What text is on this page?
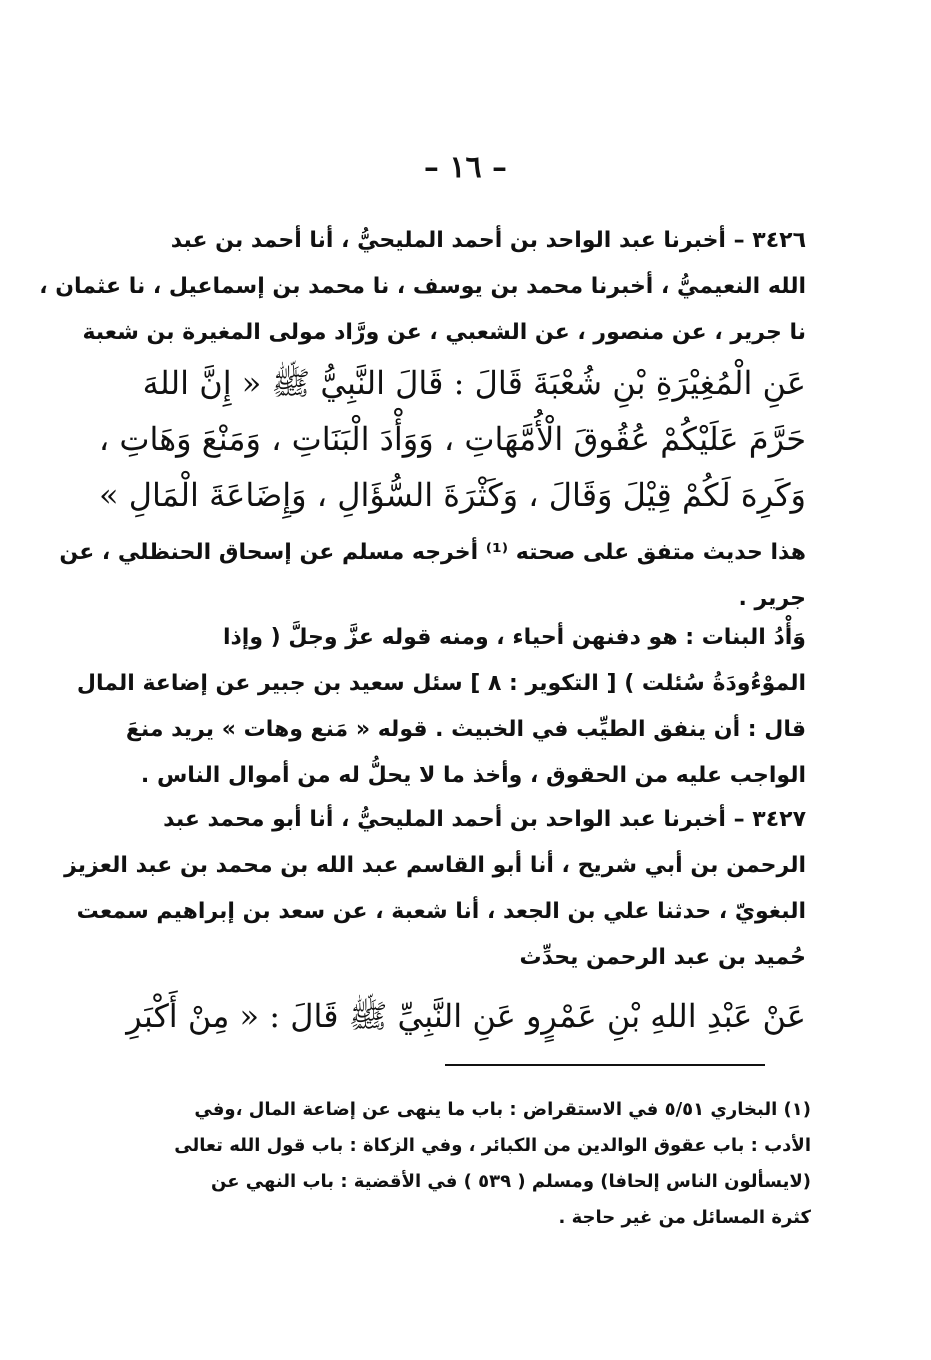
– ١٦ –
٣٤٢٦ – أخبرنا عبد الواحد بن أحمد المليحيُّ ، أنا أحمد بن عبد
الله النعيميُّ ، أخبرنا محمد بن يوسف ، نا محمد بن إسماعيل ، نا عثمان ،
نا جرير ، عن منصور ، عن الشعبي ، عن ورَّاد مولى المغيرة بن شعبة
عَنِ الْمُغِيْرَةِ بْنِ شُعْبَةَ قَالَ : قَالَ النَّبِيُّ ﷺ « إِنَّ اللهَ
حَرَّمَ عَلَيْكُمْ عُقُوقَ الْأُمَّهَاتِ ، وَوَأْدَ الْبَنَاتِ ، وَمَنْعَ وَهَاتِ ،
وَكَرِهَ لَكُمْ قِيْلَ وَقَالَ ، وَكَثْرَةَ السُّؤَالِ ، وَإِضَاعَةَ الْمَالِ »
هذا حديث متفق على صحته ⁽¹⁾ أخرجه مسلم عن إسحاق الحنظلي ، عن
جرير .
وَأْدُ البنات : هو دفنهن أحياء ، ومنه قوله عزَّ وجلَّ ( وإذا
الموْءُودَةُ سُئلت ) [ التكوير : ٨ ] سئل سعيد بن جبير عن إضاعة المال
قال : أن ينفق الطيِّب في الخبيث . قوله « مَنع وهات » يريد منعَ
الواجب عليه من الحقوق ، وأخذ ما لا يحلُّ له من أموال الناس .
٣٤٢٧ – أخبرنا عبد الواحد بن أحمد المليحيُّ ، أنا أبو محمد عبد
الرحمن بن أبي شريح ، أنا أبو القاسم عبد الله بن محمد بن عبد العزيز
البغويّ ، حدثنا علي بن الجعد ، أنا شعبة ، عن سعد بن إبراهيم سمعت
حُميد بن عبد الرحمن يحدِّث
عَنْ عَبْدِ اللهِ بْنِ عَمْرٍو عَنِ النَّبِيِّ ﷺ قَالَ : « مِنْ أَكْبَرِ
(١) البخاري ٥/٥١ في الاستقراض : باب ما ينهى عن إضاعة المال ،وفي
الأدب : باب عقوق الوالدين من الكبائر ، وفي الزكاة : باب قول الله تعالى
(لايسألون الناس إلحافا) ومسلم ( ٥٣٩ ) في الأقضية : باب النهي عن
كثرة المسائل من غير حاجة .
